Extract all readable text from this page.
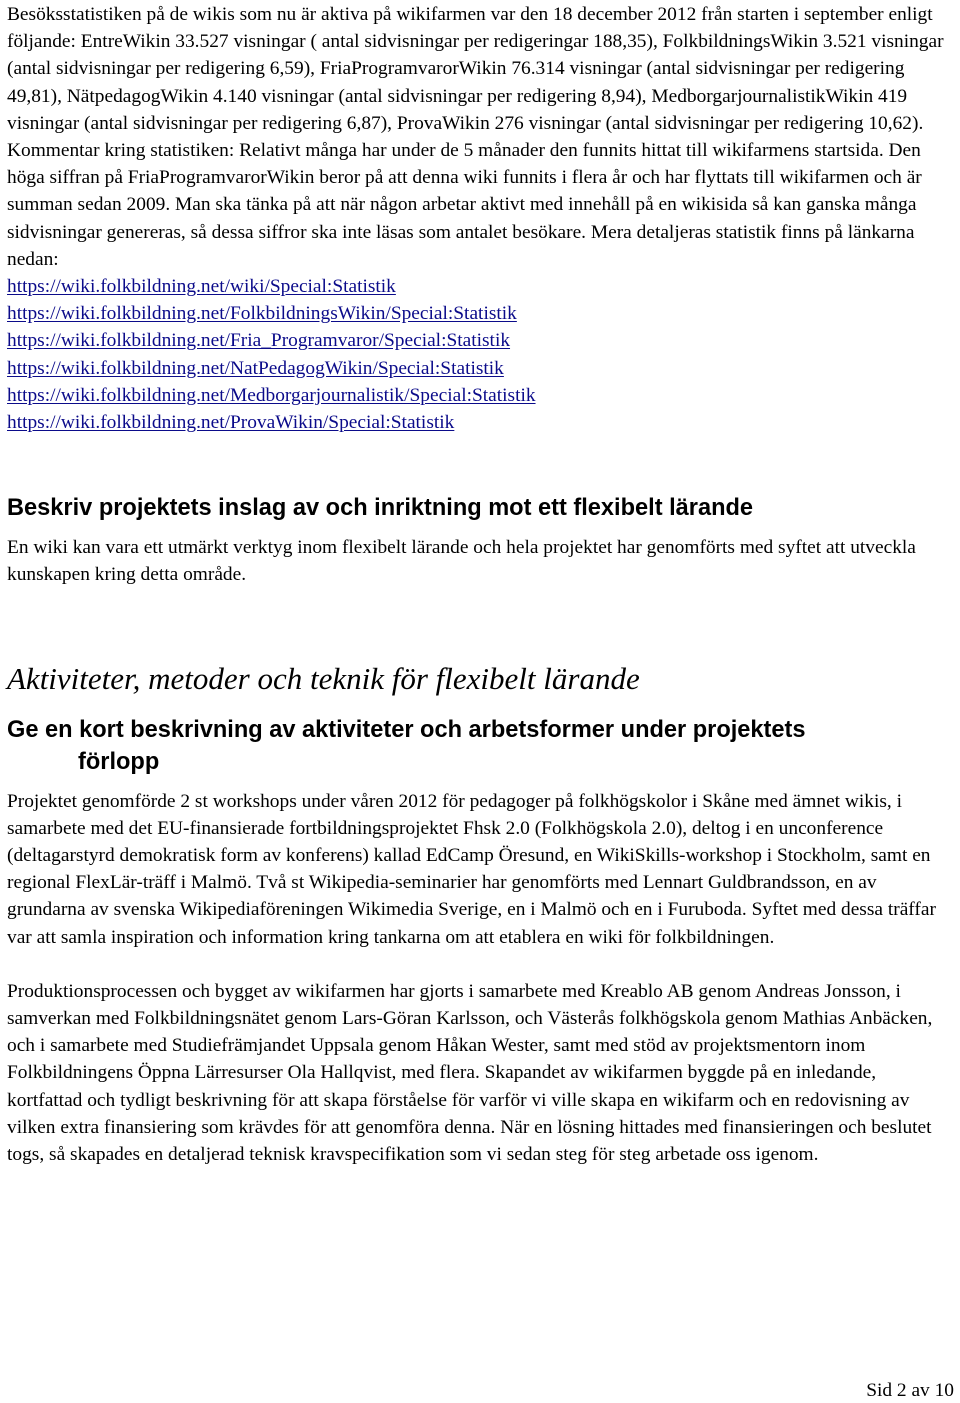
Besöksstatistiken på de wikis som nu är aktiva på wikifarmen var den 18 december 2012 från starten i september enligt följande: EntreWikin 33.527 visningar ( antal sidvisningar per redigeringar 188,35), FolkbildningsWikin 3.521 visningar (antal sidvisningar per redigering 6,59), FriaProgramvarorWikin 76.314 visningar (antal sidvisningar per redigering 49,81), NätpedagogWikin 4.140 visningar (antal sidvisningar per redigering 8,94), MedborgarjournalistikWikin 419 visningar (antal sidvisningar per redigering 6,87), ProvaWikin 276 visningar (antal sidvisningar per redigering 10,62).

Kommentar kring statistiken: Relativt många har under de 5 månader den funnits hittat till wikifarmens startsida. Den höga siffran på FriaProgramvarorWikin beror på att denna wiki funnits i flera år och har flyttats till wikifarmen och är summan sedan 2009. Man ska tänka på att när någon arbetar aktivt med innehåll på en wikisida så kan ganska många sidvisningar genereras, så dessa siffror ska inte läsas som antalet besökare. Mera detaljeras statistik finns på länkarna nedan:

https://wiki.folkbildning.net/wiki/Special:Statistik
https://wiki.folkbildning.net/FolkbildningsWikin/Special:Statistik
https://wiki.folkbildning.net/Fria_Programvaror/Special:Statistik
https://wiki.folkbildning.net/NatPedagogWikin/Special:Statistik
https://wiki.folkbildning.net/Medborgarjournalistik/Special:Statistik
https://wiki.folkbildning.net/ProvaWikin/Special:Statistik
Beskriv projektets inslag av och inriktning mot ett flexibelt lärande

En wiki kan vara ett utmärkt verktyg inom flexibelt lärande och hela projektet har genomförts med syftet att utveckla kunskapen kring detta område.

Aktiviteter, metoder och teknik för flexibelt lärande
Ge en kort beskrivning av aktiviteter och arbetsformer under projektets
förlopp

Projektet genomförde 2 st workshops under våren 2012 för pedagoger på folkhögskolor i Skåne med ämnet wikis, i samarbete med det EU-finansierade fortbildningsprojektet Fhsk 2.0 (Folkhögskola 2.0), deltog i en unconference (deltagarstyrd demokratisk form av konferens) kallad EdCamp Öresund, en WikiSkills-workshop i Stockholm, samt en regional FlexLär-träff i Malmö. Två st Wikipedia-seminarier har genomförts med Lennart Guldbrandsson, en av grundarna av svenska Wikipediaföreningen Wikimedia Sverige, en i Malmö och en i Furuboda. Syftet med dessa träffar var att samla inspiration och information kring tankarna om att etablera en wiki för folkbildningen.

Produktionsprocessen och bygget av wikifarmen har gjorts i samarbete med Kreablo AB genom Andreas Jonsson, i samverkan med Folkbildningsnätet genom Lars-Göran Karlsson, och Västerås folkhögskola genom Mathias Anbäcken, och i samarbete med Studiefrämjandet Uppsala genom Håkan Wester, samt med stöd av projektsmentorn inom Folkbildningens Öppna Lärresurser Ola Hallqvist, med flera. Skapandet av wikifarmen byggde på en inledande, kortfattad och tydligt beskrivning för att skapa förståelse för varför vi ville skapa en wikifarm och en redovisning av vilken extra finansiering som krävdes för att genomföra denna. När en lösning hittades med finansieringen och beslutet togs, så skapades en detaljerad teknisk kravspecifikation som vi sedan steg för steg arbetade oss igenom.

Sid 2 av 10
